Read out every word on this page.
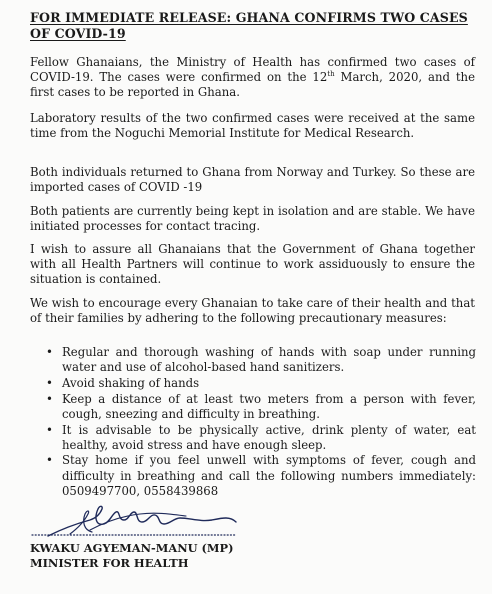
FOR IMMEDIATE RELEASE: GHANA CONFIRMS TWO CASES OF COVID-19

Fellow Ghanaians, the Ministry of Health has confirmed two cases of COVID-19. The cases were confirmed on the 12th March, 2020, and the first cases to be reported in Ghana.

Laboratory results of the two confirmed cases were received at the same time from the Noguchi Memorial Institute for Medical Research.

Both individuals returned to Ghana from Norway and Turkey. So these are imported cases of COVID -19

Both patients are currently being kept in isolation and are stable. We have initiated processes for contact tracing.

I wish to assure all Ghanaians that the Government of Ghana together with all Health Partners will continue to work assiduously to ensure the situation is contained.

We wish to encourage every Ghanaian to take care of their health and that of their families by adhering to the following precautionary measures:

• Regular and thorough washing of hands with soap under running water and use of alcohol-based hand sanitizers.
• Avoid shaking of hands
• Keep a distance of at least two meters from a person with fever, cough, sneezing and difficulty in breathing.
• It is advisable to be physically active, drink plenty of water, eat healthy, avoid stress and have enough sleep.
• Stay home if you feel unwell with symptoms of fever, cough and difficulty in breathing and call the following numbers immediately: 0509497700, 0558439868
KWAKU AGYEMAN-MANU (MP)
MINISTER FOR HEALTH
